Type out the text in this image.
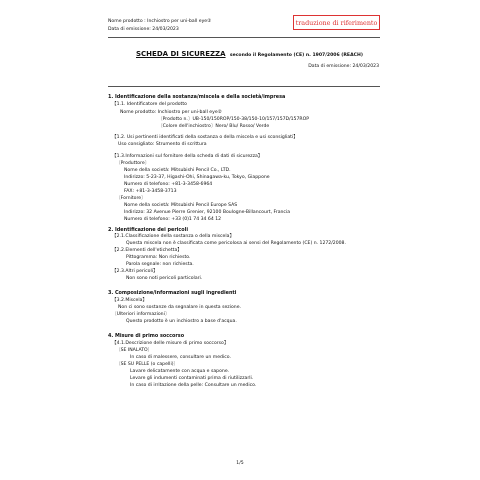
Nome prodotto : Inchiostro per uni-ball eye②
Data di emissione: 24/03/2023
traduzione di riferimento
SCHEDA DI SICUREZZA secondo il Regolamento (CE) n. 1907/2006 (REACH)
Data di emissione: 24/03/2023
1. Identificazione della sostanza/miscela e della società/impresa
【1.1. Identificatore del prodotto
Nome prodotto: Inchiostro per uni-ball eye②
〔Prodotto n.〕UB-150/150ROP/150-38/150-10/157/157D/157ROP
〔Colore dell'inchiostro〕Nero/ Blu/ Rosso/ Verde
【1.2. Usi pertinenti identificati della sostanza o della miscela e usi sconsigliati】
Uso consigliato: Strumento di scrittura
【1.3.Informazioni sul fornitore della scheda di dati di sicurezza】
〔Produttore〕
Nome della società: Mitsubishi Pencil Co., LTD.
Indirizzo: 5-23-37, Higashi-Ohi, Shinagawa-ku, Tokyo, Giappone
Numero di telefono: +81-3-3458-6964
FAX: +81-3-3458-3713
〔Fornitore〕
Nome della società: Mitsubishi Pencil Europe SAS
Indirizzo: 32 Avenue Pierre Grenier, 92100 Boulogne-Billancourt, Francia
Numero di telefono: +33 (0)1 74 34 64 12
2. Identificazione dei pericoli
【2.1.Classificazione della sostanza o della miscela】
Questa miscela non è classificata come pericolosa ai sensi del Regolamento (CE) n. 1272/2008.
【2.2.Elementi dell'etichetta】
Pittogramma: Non richiesto.
Parola segnale: non richiesta.
【2.3.Altri pericoli】
Non sono noti pericoli particolari.
3. Composizione/informazioni sugli ingredienti
【3.2.Miscela】
Non ci sono sostanze da segnalare in questa sezione.
〔Ulteriori informazioni〕
Questo prodotto è un inchiostro a base d'acqua.
4. Misure di primo soccorso
【4.1.Descrizione delle misure di primo soccorso】
〔SE INALATO〕
In caso di malessere, consultare un medico.
〔SE SU PELLE (o capelli)〕
Lavare delicatamente con acqua e sapone.
Levare gli indumenti contaminati prima di riutilizzarli.
In caso di irritazione della pelle: Consultare un medico.
1/5
